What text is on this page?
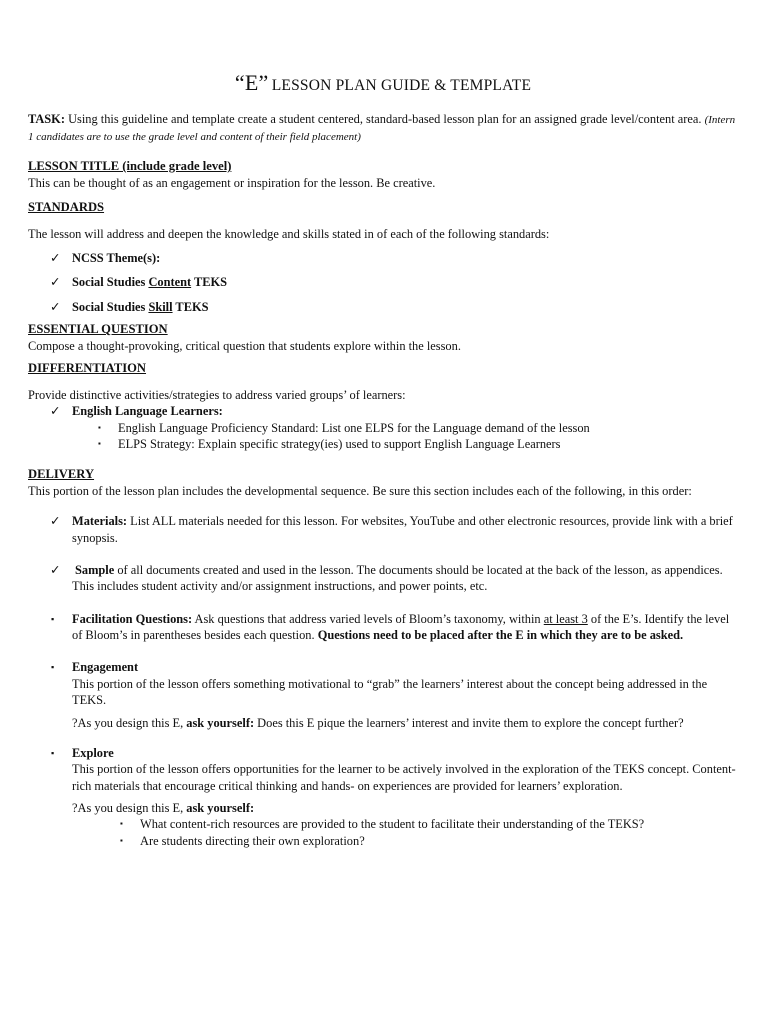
“E” LESSON PLAN GUIDE & TEMPLATE

TASK: Using this guideline and template create a student centered, standard-based lesson plan for an assigned grade level/content area. (Intern 1 candidates are to use the grade level and content of their field placement)

LESSON TITLE (include grade level)

This can be thought of as an engagement or inspiration for the lesson. Be creative.

STANDARDS

The lesson will address and deepen the knowledge and skills stated in of each of the following standards:

✓ NCSS Theme(s):
✓ Social Studies Content TEKS
✓ Social Studies Skill TEKS
ESSENTIAL QUESTION

Compose a thought-provoking, critical question that students explore within the lesson.

DIFFERENTIATION

Provide distinctive activities/strategies to address varied groups’ of learners:

✓ English Language Learners:
▪ English Language Proficiency Standard: List one ELPS for the Language demand of the lesson
▪ ELPS Strategy: Explain specific strategy(ies) used to support English Language Learners
DELIVERY

This portion of the lesson plan includes the developmental sequence. Be sure this section includes each of the following, in this order:

✓ Materials: List ALL materials needed for this lesson. For websites, YouTube and other electronic resources, provide link with a brief synopsis.
✓ Sample of all documents created and used in the lesson. The documents should be located at the back of the lesson, as appendices. This includes student activity and/or assignment instructions, and power points, etc.
▪ Facilitation Questions: Ask questions that address varied levels of Bloom’s taxonomy, within at least 3 of the E’s. Identify the level of Bloom’s in parentheses besides each question. Questions need to be placed after the E in which they are to be asked.
▪ Engagement
This portion of the lesson offers something motivational to “grab” the learners’ interest about the concept being addressed in the TEKS.

?As you design this E, ask yourself: Does this E pique the learners’ interest and invite them to explore the concept further?

▪ Explore
This portion of the lesson offers opportunities for the learner to be actively involved in the exploration of the TEKS concept. Content-rich materials that encourage critical thinking and hands- on experiences are provided for learners’ exploration.

?As you design this E, ask yourself:

▪ What content-rich resources are provided to the student to facilitate their understanding of the TEKS?
▪ Are students directing their own exploration?
